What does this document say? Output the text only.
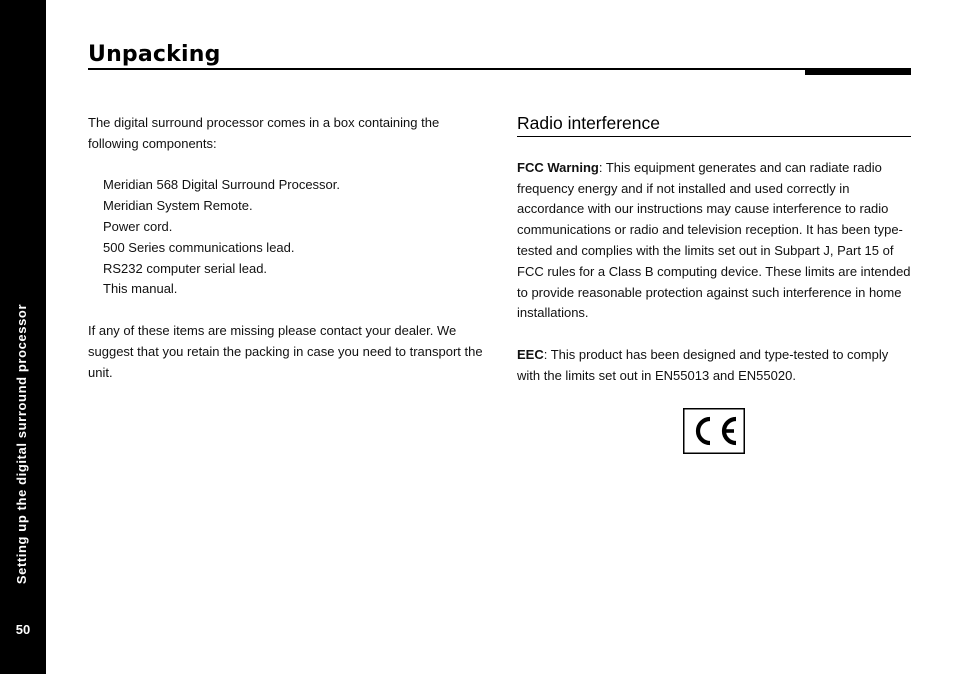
Setting up the digital surround processor
50
Unpacking

The digital surround processor comes in a box containing the following components:

Meridian 568 Digital Surround Processor.
Meridian System Remote.
Power cord.
500 Series communications lead.
RS232 computer serial lead.
This manual.

If any of these items are missing please contact your dealer. We suggest that you retain the packing in case you need to transport the unit.

Radio interference

FCC Warning: This equipment generates and can radiate radio frequency energy and if not installed and used correctly in accordance with our instructions may cause interference to radio communications or radio and television reception. It has been type-tested and complies with the limits set out in Subpart J, Part 15 of FCC rules for a Class B computing device. These limits are intended to provide reasonable protection against such interference in home installations.

EEC: This product has been designed and type-tested to comply with the limits set out in EN55013 and EN55020.
